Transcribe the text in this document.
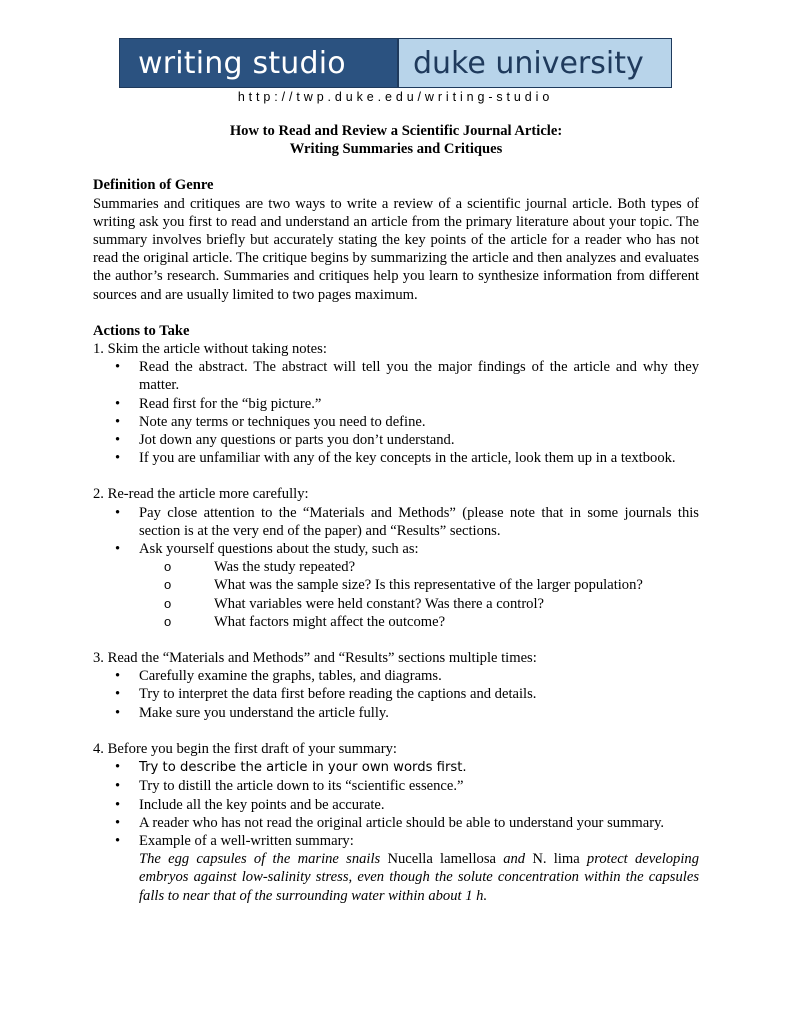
writing studio	duke university
http://twp.duke.edu/writing-studio
How to Read and Review a Scientific Journal Article:
Writing Summaries and Critiques
Definition of Genre

Summaries and critiques are two ways to write a review of a scientific journal article. Both types of writing ask you first to read and understand an article from the primary literature about your topic. The summary involves briefly but accurately stating the key points of the article for a reader who has not read the original article. The critique begins by summarizing the article and then analyzes and evaluates the author’s research. Summaries and critiques help you learn to synthesize information from different sources and are usually limited to two pages maximum.

Actions to Take
1. Skim the article without taking notes:
• Read the abstract. The abstract will tell you the major findings of the article and why they matter.
• Read first for the “big picture.”
• Note any terms or techniques you need to define.
• Jot down any questions or parts you don’t understand.
• If you are unfamiliar with any of the key concepts in the article, look them up in a textbook.
2. Re-read the article more carefully:
• Pay close attention to the “Materials and Methods” (please note that in some journals this section is at the very end of the paper) and “Results” sections.
• Ask yourself questions about the study, such as:
o	Was the study repeated?
o	What was the sample size? Is this representative of the larger population?
o	What variables were held constant? Was there a control?
o	What factors might affect the outcome?
3. Read the “Materials and Methods” and “Results” sections multiple times:
• Carefully examine the graphs, tables, and diagrams.
• Try to interpret the data first before reading the captions and details.
• Make sure you understand the article fully.
4. Before you begin the first draft of your summary:
• Try to describe the article in your own words first.
• Try to distill the article down to its “scientific essence.”
• Include all the key points and be accurate.
• A reader who has not read the original article should be able to understand your summary.
• Example of a well-written summary:
The egg capsules of the marine snails Nucella lamellosa and N. lima protect developing embryos against low-salinity stress, even though the solute concentration within the capsules falls to near that of the surrounding water within about 1 h.
